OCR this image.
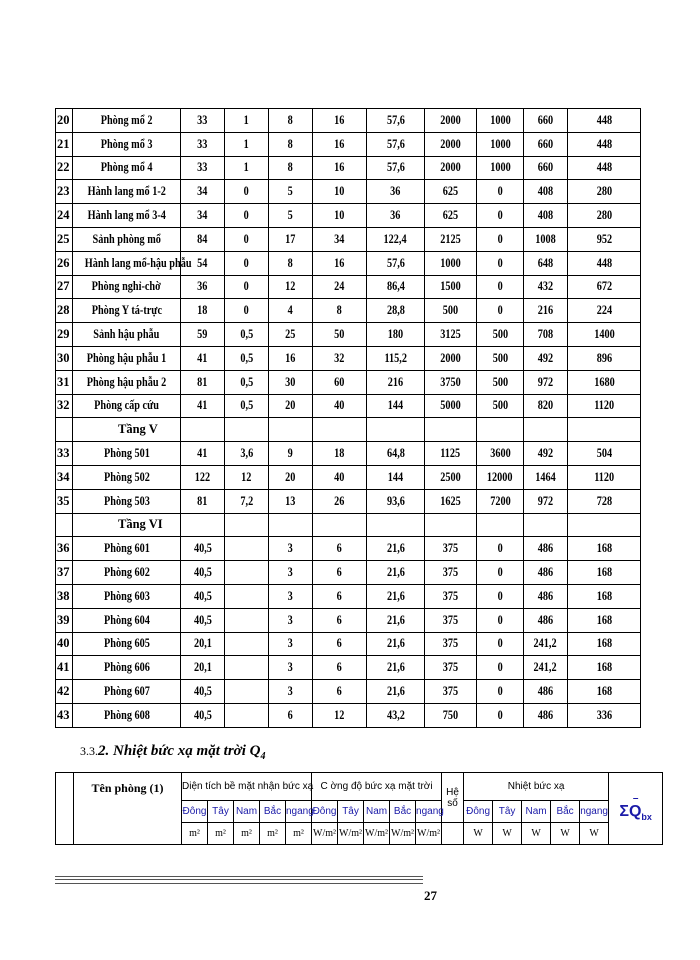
20	Phòng mổ 2	33	1	8	16	57,6	2000	1000	660	448
21	Phòng mổ 3	33	1	8	16	57,6	2000	1000	660	448
22	Phòng mổ 4	33	1	8	16	57,6	2000	1000	660	448
23	Hành lang mổ 1-2	34	0	5	10	36	625	0	408	280
24	Hành lang mổ 3-4	34	0	5	10	36	625	0	408	280
25	Sảnh phòng mổ	84	0	17	34	122,4	2125	0	1008	952
26	Hành lang mổ-hậu phẫu	54	0	8	16	57,6	1000	0	648	448
27	Phòng nghỉ-chờ	36	0	12	24	86,4	1500	0	432	672
28	Phòng Y tá-trực	18	0	4	8	28,8	500	0	216	224
29	Sảnh hậu phẫu	59	0,5	25	50	180	3125	500	708	1400
30	Phòng hậu phẫu 1	41	0,5	16	32	115,2	2000	500	492	896
31	Phòng hậu phẫu 2	81	0,5	30	60	216	3750	500	972	1680
32	Phòng cấp cứu	41	0,5	20	40	144	5000	500	820	1120
	Tầng V									
33	Phòng 501	41	3,6	9	18	64,8	1125	3600	492	504
34	Phòng 502	122	12	20	40	144	2500	12000	1464	1120
35	Phòng 503	81	7,2	13	26	93,6	1625	7200	972	728
	Tầng VI									
36	Phòng 601	40,5		3	6	21,6	375	0	486	168
37	Phòng 602	40,5		3	6	21,6	375	0	486	168
38	Phòng 603	40,5		3	6	21,6	375	0	486	168
39	Phòng 604	40,5		3	6	21,6	375	0	486	168
40	Phòng 605	20,1		3	6	21,6	375	0	241,2	168
41	Phòng 606	20,1		3	6	21,6	375	0	241,2	168
42	Phòng 607	40,5		3	6	21,6	375	0	486	168
43	Phòng 608	40,5		6	12	43,2	750	0	486	336
3.3.2. Nhiệt bức xạ mặt trời $Q_4$
	Tên phòng (1)	Diện tích bề mặt nhận bức xạ					C ờng độ bức xạ mặt trời					Hệ số	Nhiệt bức xạ					–
$\Sigma Q_{bx}$
		Đông	Tây	Nam	Bắc	ngang	Đông	Tây	Nam	Bắc	ngang		Đông	Tây	Nam	Bắc	ngang	
		m²	m²	m²	m²	m²	W/m²	W/m²	W/m²	W/m²	W/m²		W	W	W	W	W	
27
